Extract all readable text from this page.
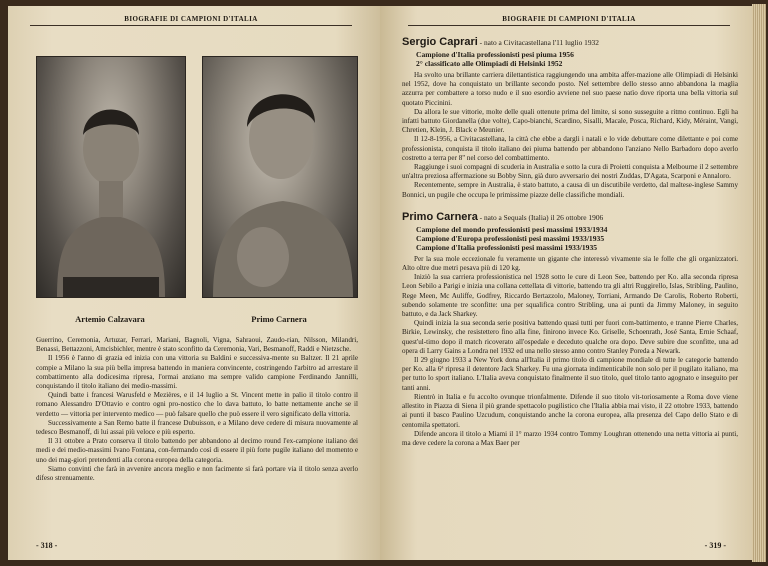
BIOGRAFIE DI CAMPIONI D'ITALIA
Artemio Calzavara	Primo Carnera

Guerrino, Ceremonia, Artuzar, Ferrari, Mariani, Bagnoli, Vigna, Sahraoui, Zaudo-rian, Nilsson, Milandri, Benassi, Bettazzoni, Amcisbichler, mentre è stato sconfitto da Ceremonia, Vari, Besmanoff, Raddi e Nietzsche.

Il 1956 è l'anno di grazia ed inizia con una vittoria su Baldini e successiva-mente su Baltzer. Il 21 aprile compie a Milano la sua più bella impresa battendo in maniera convincente, costringendo l'arbitro ad arrestare il combattimento alla dodicesima ripresa, l'ormai anziano ma sempre valido campione Ferdinando Jannilli, conquistando il titolo italiano dei medio-massimi.

Quindi batte i francesi Warusfeld e Mezières, e il 14 luglio a St. Vincent mette in palio il titolo contro il romano Alessandro D'Ottavio e contro ogni pro-nostico che lo dava battuto, lo batte nettamente anche se il verdetto — vittoria per intervento medico — può falsare quello che può essere il vero significato della vittoria.

Successivamente a San Remo batte il francese Dubuisson, e a Milano deve cedere di misura nuovamente al tedesco Besmanoff, di lui assai più veloce e più esperto.

Il 31 ottobre a Prato conserva il titolo battendo per abbandono al decimo round l'ex-campione italiano dei medi e dei medio-massimi Ivano Fontana, con-fermando così di essere il più forte pugile italiano del momento e uno dei mag-giori pretendenti alla corona europea della categoria.

Siamo convinti che farà in avvenire ancora meglio e non facimente si farà portare via il titolo senza averlo difeso strenuamente.

- 318 -
BIOGRAFIE DI CAMPIONI D'ITALIA
Sergio Caprari - nato a Civitacastellana l'11 luglio 1932
Campione d'Italia professionisti pesi piuma 1956
2° classificato alle Olimpiadi di Helsinki 1952

Ha svolto una brillante carriera dilettantistica raggiungendo una ambita affer-mazione alle Olimpiadi di Helsinki nel 1952, dove ha conquistato un brillante secondo posto. Nel settembre dello stesso anno abbandona la maglia azzurra per combattere a torso nudo e il suo esordio avviene nel suo paese natìo dove riporta una bella vittoria sul quotato Piccinini.

Da allora le sue vittorie, molte delle quali ottenute prima del limite, si sono susseguite a ritmo continuo. Egli ha infatti battuto Giordanella (due volte), Capo-bianchi, Scardino, Sisalli, Macale, Posca, Richard, Kidy, Méraint, Vangi, Chretien, Klein, J. Black e Meunier.

Il 12-8-1956, a Civitacastellana, la città che ebbe a dargli i natali e lo vide debuttare come dilettante e poi come professionista, conquista il titolo italiano dei piuma battendo per abbandono l'anziano Nello Barbadoro dopo averlo costretto a terra per 8" nel corso del combattimento.

Raggiunge i suoi compagni di scuderia in Australia e sotto la cura di Proietti conquista a Melbourne il 2 settembre un'altra preziosa affermazione su Bobby Sinn, già duro avversario dei nostri Zuddas, D'Agata, Scarponi e Annaloro.

Recentemente, sempre in Australia, è stato battuto, a causa di un discutibile verdetto, dal maltese-inglese Sammy Bonnici, un pugile che occupa le primissime piazze delle classifiche mondiali.

Primo Carnera - nato a Sequals (Italia) il 26 ottobre 1906
Campione del mondo professionisti pesi massimi 1933/1934
Campione d'Europa professionisti pesi massimi 1933/1935
Campione d'Italia professionisti pesi massimi 1933/1935

Per la sua mole eccezionale fu veramente un gigante che interessò vivamente sia le folle che gli organizzatori. Alto oltre due metri pesava più di 120 kg.

Iniziò la sua carriera professionistica nel 1928 sotto le cure di Leon See, battendo per Ko. alla seconda ripresa Leon Sebilo a Parigi e inizia una collana cettellata di vittorie, battendo tra gli altri Ruggirello, Islas, Stribling, Paulino, Rege Meen, Mc Auliffe, Godfrey, Riccardo Bertazzolo, Maloney, Torriani, Armando De Carolis, Roberto Roberti, subendo solamente tre sconfitte: una per squalifica contro Stribling, una ai punti da Jimmy Maloney, in seguito battuto, e da Jack Sharkey.

Quindi inizia la sua seconda serie positiva battendo quasi tutti per fuori com-battimento, e tranne Pierre Charles, Birkie, Lewinsky, che resistettero fino alla fine, finirono invece Ko. Griselle, Schoenrath, José Santa, Ernie Schaaf, quest'ul-timo dopo il match ricoverato all'ospedale e deceduto qualche ora dopo. Deve subire due sconfitte, una ad opera di Larry Gains a Londra nel 1932 ed una nello stesso anno contro Stanley Poreda a Newark.

Il 29 giugno 1933 a New York dona all'Italia il primo titolo di campione mondiale di tutte le categorie battendo per Ko. alla 6ª ripresa il detentore Jack Sharkey. Fu una giornata indimenticabile non solo per il pugilato italiano, ma per tutto lo sport italiano. L'Italia aveva conquistato finalmente il suo titolo, quel titolo tanto agognato e inseguito per tanti anni.

Rientrò in Italia e fu accolto ovunque trionfalmente. Difende il suo titolo vit-toriosamente a Roma dove viene allestito in Piazza di Siena il più grande spettacolo pugilistico che l'Italia abbia mai visto, il 22 ottobre 1933, battendo ai punti il basco Paulino Uzcudum, conquistando anche la corona europea, alla presenza del Capo dello Stato e di centomila spettatori.

Difende ancora il titolo a Miami il 1° marzo 1934 contro Tommy Loughran ottenendo una netta vittoria ai punti, ma deve cedere la corona a Max Baer per

- 319 -
